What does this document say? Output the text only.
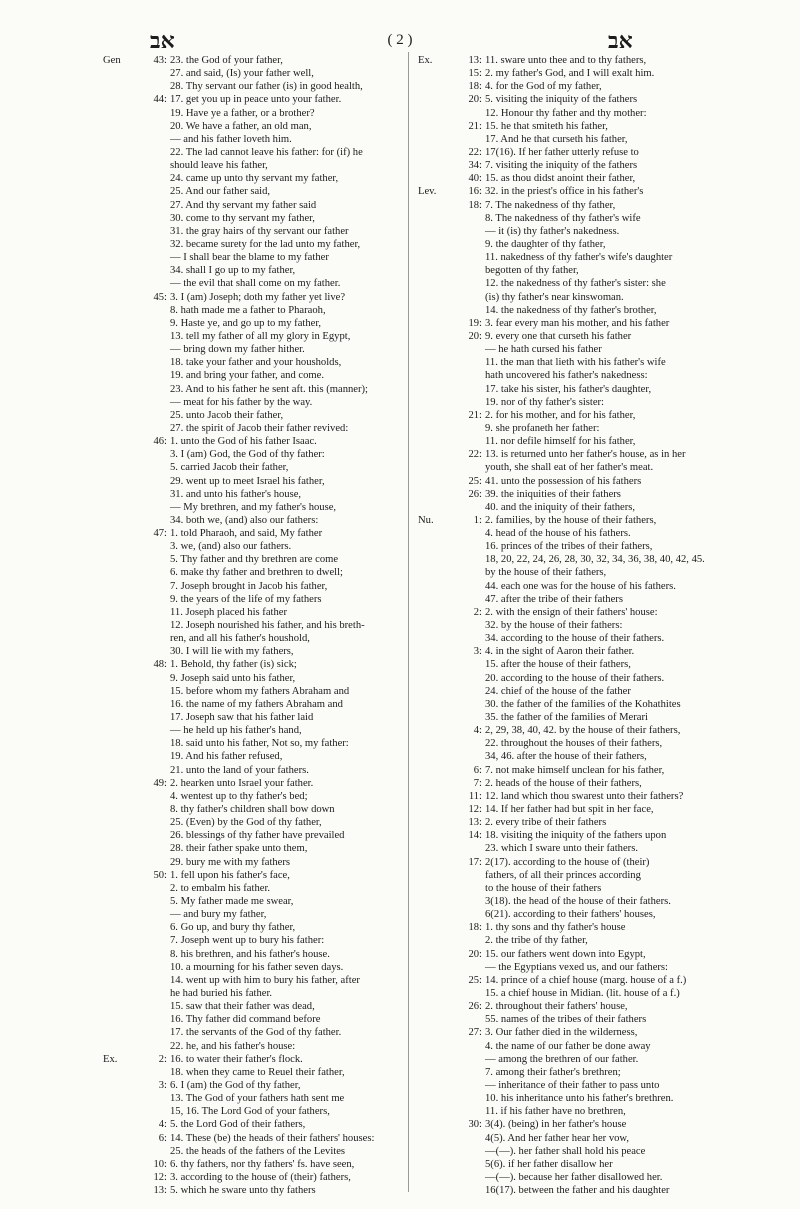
אב	( 2 )	אב
Gen	43: 23. the God of your father,
27. and said, (Is) your father well,
28. Thy servant our father (is) in good health,
44: 17. get you up in peace unto your father.
19. Have ye a father, or a brother?
20. We have a father, an old man,
— and his father loveth him.
22. The lad cannot leave his father: for (if) he
should leave his father,
24. came up unto thy servant my father,
25. And our father said,
27. And thy servant my father said
30. come to thy servant my father,
31. the gray hairs of thy servant our father
32. became surety for the lad unto my father,
— I shall bear the blame to my father
34. shall I go up to my father,
— the evil that shall come on my father.
45: 3. I (am) Joseph; doth my father yet live?
8. hath made me a father to Pharaoh,
9. Haste ye, and go up to my father,
13. tell my father of all my glory in Egypt,
— bring down my father hither.
18. take your father and your housholds,
19. and bring your father, and come.
23. And to his father he sent aft. this (manner);
— meat for his father by the way.
25. unto Jacob their father,
27. the spirit of Jacob their father revived:
46: 1. unto the God of his father Isaac.
3. I (am) God, the God of thy father:
5. carried Jacob their father,
29. went up to meet Israel his father,
31. and unto his father's house,
— My brethren, and my father's house,
34. both we, (and) also our fathers:
47: 1. told Pharaoh, and said, My father
3. we, (and) also our fathers.
5. Thy father and thy brethren are come
6. make thy father and brethren to dwell;
7. Joseph brought in Jacob his father,
9. the years of the life of my fathers
11. Joseph placed his father
12. Joseph nourished his father, and his breth-
ren, and all his father's houshold,
30. I will lie with my fathers,
48: 1. Behold, thy father (is) sick;
9. Joseph said unto his father,
15. before whom my fathers Abraham and
16. the name of my fathers Abraham and
17. Joseph saw that his father laid
— he held up his father's hand,
18. said unto his father, Not so, my father:
19. And his father refused,
21. unto the land of your fathers.
49: 2. hearken unto Israel your father.
4. wentest up to thy father's bed;
8. thy father's children shall bow down
25. (Even) by the God of thy father,
26. blessings of thy father have prevailed
28. their father spake unto them,
29. bury me with my fathers
50: 1. fell upon his father's face,
2. to embalm his father.
5. My father made me swear,
— and bury my father,
6. Go up, and bury thy father,
7. Joseph went up to bury his father:
8. his brethren, and his father's house.
10. a mourning for his father seven days.
14. went up with him to bury his father, after
he had buried his father.
15. saw that their father was dead,
16. Thy father did command before
17. the servants of the God of thy father.
22. he, and his father's house:
Ex.	2: 16. to water their father's flock.
18. when they came to Reuel their father,
3: 6. I (am) the God of thy father,
13. The God of your fathers hath sent me
15, 16. The Lord God of your fathers,
4: 5. the Lord God of their fathers,
6: 14. These (be) the heads of their fathers' houses:
25. the heads of the fathers of the Levites
10: 6. thy fathers, nor thy fathers' fs. have seen,
12: 3. according to the house of (their) fathers,
13: 5. which he sware unto thy fathers
Ex.	13: 11. sware unto thee and to thy fathers,
15: 2. my father's God, and I will exalt him.
18: 4. for the God of my father,
20: 5. visiting the iniquity of the fathers
12. Honour thy father and thy mother:
21: 15. he that smiteth his father,
17. And he that curseth his father,
22: 17(16). If her father utterly refuse to
34: 7. visiting the iniquity of the fathers
40: 15. as thou didst anoint their father,
Lev.	16: 32. in the priest's office in his father's
18: 7. The nakedness of thy father,
8. The nakedness of thy father's wife
— it (is) thy father's nakedness.
9. the daughter of thy father,
11. nakedness of thy father's wife's daughter
begotten of thy father,
12. the nakedness of thy father's sister: she
(is) thy father's near kinswoman.
14. the nakedness of thy father's brother,
19: 3. fear every man his mother, and his father
20: 9. every one that curseth his father
— he hath cursed his father
11. the man that lieth with his father's wife
hath uncovered his father's nakedness:
17. take his sister, his father's daughter,
19. nor of thy father's sister:
21: 2. for his mother, and for his father,
9. she profaneth her father:
11. nor defile himself for his father,
22: 13. is returned unto her father's house, as in her
youth, she shall eat of her father's meat.
25: 41. unto the possession of his fathers
26: 39. the iniquities of their fathers
40. and the iniquity of their fathers,
Nu.	1: 2. families, by the house of their fathers,
4. head of the house of his fathers.
16. princes of the tribes of their fathers,
18, 20, 22, 24, 26, 28, 30, 32, 34, 36, 38, 40, 42, 45.
by the house of their fathers,
44. each one was for the house of his fathers.
47. after the tribe of their fathers
2: 2. with the ensign of their fathers' house:
32. by the house of their fathers:
34. according to the house of their fathers.
3: 4. in the sight of Aaron their father.
15. after the house of their fathers,
20. according to the house of their fathers.
24. chief of the house of the father
30. the father of the families of the Kohathites
35. the father of the families of Merari
4: 2, 29, 38, 40, 42. by the house of their fathers,
22. throughout the houses of their fathers,
34, 46. after the house of their fathers,
6: 7. not make himself unclean for his father,
7: 2. heads of the house of their fathers,
11: 12. land which thou swarest unto their fathers?
12: 14. If her father had but spit in her face,
13: 2. every tribe of their fathers
14: 18. visiting the iniquity of the fathers upon
23. which I sware unto their fathers.
17: 2(17). according to the house of (their)
fathers, of all their princes according
to the house of their fathers
3(18). the head of the house of their fathers.
6(21). according to their fathers' houses,
18: 1. thy sons and thy father's house
2. the tribe of thy father,
20: 15. our fathers went down into Egypt,
— the Egyptians vexed us, and our fathers:
25: 14. prince of a chief house (marg. house of a f.)
15. a chief house in Midian. (lit. house of a f.)
26: 2. throughout their fathers' house,
55. names of the tribes of their fathers
27: 3. Our father died in the wilderness,
4. the name of our father be done away
— among the brethren of our father.
7. among their father's brethren;
— inheritance of their father to pass unto
10. his inheritance unto his father's brethren.
11. if his father have no brethren,
30: 3(4). (being) in her father's house
4(5). And her father hear her vow,
—(—). her father shall hold his peace
5(6). if her father disallow her
—(—). because her father disallowed her.
16(17). between the father and his daughter
